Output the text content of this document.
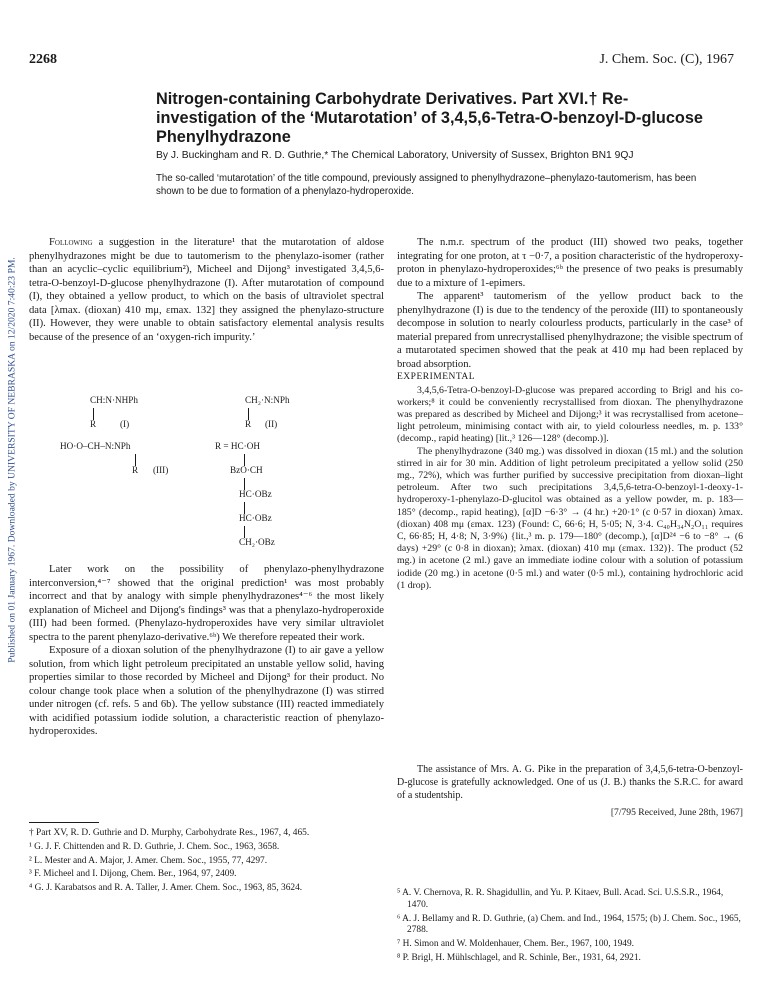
Published on 01 January 1967. Downloaded by UNIVERSITY OF NEBRASKA on 12/2020 7:40:23 PM.
2268	J. Chem. Soc. (C), 1967
Nitrogen-containing Carbohydrate Derivatives. Part XVI.† Re-investigation of the ‘Mutarotation’ of 3,4,5,6-Tetra-O-benzoyl-D-glucose Phenylhydrazone
By J. Buckingham and R. D. Guthrie,* The Chemical Laboratory, University of Sussex, Brighton BN1 9QJ
The so-called ‘mutarotation’ of the title compound, previously assigned to phenylhydrazone–phenylazo-tautomerism, has been shown to be due to formation of a phenylazo-hydroperoxide.

Following a suggestion in the literature¹ that the mutarotation of aldose phenylhydrazones might be due to tautomerism to the phenylazo-isomer (rather than an acyclic–cyclic equilibrium²), Micheel and Dijong³ investigated 3,4,5,6-tetra-O-benzoyl-D-glucose phenylhydrazone (I). After mutarotation of compound (I), they obtained a yellow product, to which on the basis of ultraviolet spectral data [λmax. (dioxan) 410 mμ, εmax. 132] they assigned the phenylazo-structure (II). However, they were unable to obtain satisfactory elemental analysis results because of the presence of an ‘oxygen-rich impurity.’

CH:N·NHPh
R	(I)
CH₂·N:NPh
R (II)
HO·O–CH–N:NPh
R (III)
R = HC·OH
BzO·CH
HC·OBz
HC·OBz
CH₂·OBz

Later work on the possibility of phenylazo-phenylhydrazone interconversion,⁴⁻⁷ showed that the original prediction¹ was most probably incorrect and that by analogy with simple phenylhydrazones⁴⁻⁶ the most likely explanation of Micheel and Dijong's findings³ was that a phenylazo-hydroperoxide (III) had been formed. (Phenylazo-hydroperoxides have very similar ultraviolet spectra to the parent phenylazo-derivative.⁶ᵇ) We therefore repeated their work.

Exposure of a dioxan solution of the phenylhydrazone (I) to air gave a yellow solution, from which light petroleum precipitated an unstable yellow solid, having properties similar to those recorded by Micheel and Dijong³ for their product. No colour change took place when a solution of the phenylhydrazone (I) was stirred under nitrogen (cf. refs. 5 and 6b). The yellow substance (III) reacted immediately with acidified potassium iodide solution, a characteristic reaction of phenylazo-hydroperoxides.

The n.m.r. spectrum of the product (III) showed two peaks, together integrating for one proton, at τ −0·7, a position characteristic of the hydroperoxy-proton in phenylazo-hydroperoxides;⁶ᵇ the presence of two peaks is presumably due to a mixture of 1-epimers.

The apparent³ tautomerism of the yellow product back to the phenylhydrazone (I) is due to the tendency of the peroxide (III) to spontaneously decompose in solution to nearly colourless products, particularly in the case³ of material prepared from unrecrystallised phenylhydrazone; the visible spectrum of a mutarotated specimen showed that the peak at 410 mμ had been replaced by broad absorption.

EXPERIMENTAL

3,4,5,6-Tetra-O-benzoyl-D-glucose was prepared according to Brigl and his co-workers;⁸ it could be conveniently recrystallised from dioxan. The phenylhydrazone was prepared as described by Micheel and Dijong;³ it was recrystallised from acetone–light petroleum, minimising contact with air, to yield colourless needles, m. p. 133° (decomp., rapid heating) [lit.,³ 126—128° (decomp.)].

The phenylhydrazone (340 mg.) was dissolved in dioxan (15 ml.) and the solution stirred in air for 30 min. Addition of light petroleum precipitated a yellow solid (250 mg., 72%), which was further purified by successive precipitation from dioxan–light petroleum. After two such precipitations 3,4,5,6-tetra-O-benzoyl-1-deoxy-1-hydroperoxy-1-phenylazo-D-glucitol was obtained as a yellow powder, m. p. 183—185° (decomp., rapid heating), [α]D −6·3° → (4 hr.) +20·1° (c 0·57 in dioxan) λmax. (dioxan) 408 mμ (εmax. 123) (Found: C, 66·6; H, 5·05; N, 3·4. C₄₀H₃₄N₂O₁₁ requires C, 66·85; H, 4·8; N, 3·9%) {lit.,³ m. p. 179—180° (decomp.), [α]D²⁴ −6 to −8° → (6 days) +29° (c 0·8 in dioxan); λmax. (dioxan) 410 mμ (εmax. 132)}. The product (52 mg.) in acetone (2 ml.) gave an immediate iodine colour with a solution of potassium iodide (20 mg.) in acetone (0·5 ml.) and water (0·5 ml.), containing hydrochloric acid (1 drop).

The assistance of Mrs. A. G. Pike in the preparation of 3,4,5,6-tetra-O-benzoyl-D-glucose is gratefully acknowledged. One of us (J. B.) thanks the S.R.C. for award of a studentship.

[7/795 Received, June 28th, 1967]

† Part XV, R. D. Guthrie and D. Murphy, Carbohydrate Res., 1967, 4, 465.

¹ G. J. F. Chittenden and R. D. Guthrie, J. Chem. Soc., 1963, 3658.

² L. Mester and A. Major, J. Amer. Chem. Soc., 1955, 77, 4297.

³ F. Micheel and I. Dijong, Chem. Ber., 1964, 97, 2409.

⁴ G. J. Karabatsos and R. A. Taller, J. Amer. Chem. Soc., 1963, 85, 3624.	⁵ A. V. Chernova, R. R. Shagidullin, and Yu. P. Kitaev, Bull. Acad. Sci. U.S.S.R., 1964, 1470.

⁶ A. J. Bellamy and R. D. Guthrie, (a) Chem. and Ind., 1964, 1575; (b) J. Chem. Soc., 1965, 2788.

⁷ H. Simon and W. Moldenhauer, Chem. Ber., 1967, 100, 1949.

⁸ P. Brigl, H. Mühlschlagel, and R. Schinle, Ber., 1931, 64, 2921.
